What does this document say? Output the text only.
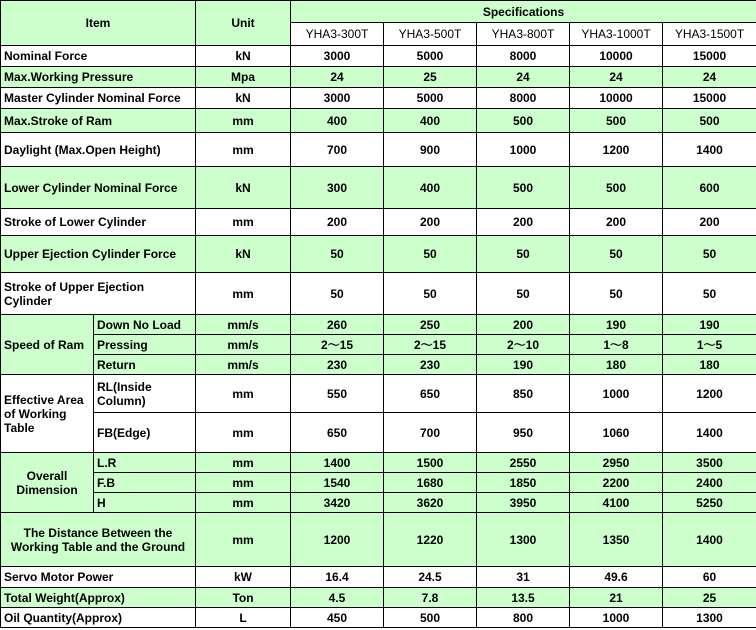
Item		Unit	Specifications				
			YHA3-300T	YHA3-500T	YHA3-800T	YHA3-1000T	YHA3-1500T
Nominal Force		kN	3000	5000	8000	10000	15000
Max.Working Pressure		Mpa	24	25	24	24	24
Master Cylinder Nominal Force		kN	3000	5000	8000	10000	15000
Max.Stroke of Ram		mm	400	400	500	500	500
Daylight (Max.Open Height)		mm	700	900	1000	1200	1400
Lower Cylinder Nominal Force		kN	300	400	500	500	600
Stroke of Lower Cylinder		mm	200	200	200	200	200
Upper Ejection Cylinder Force		kN	50	50	50	50	50
Stroke of Upper Ejection Cylinder		mm	50	50	50	50	50
Speed of Ram	Down No Load	mm/s	260	250	200	190	190
	Pressing	mm/s	2～15	2～15	2～10	1～8	1～5
	Return	mm/s	230	230	190	180	180
Effective Area of Working Table	RL(Inside Column)	mm	550	650	850	1000	1200
	FB(Edge)	mm	650	700	950	1060	1400
Overall Dimension	L.R	mm	1400	1500	2550	2950	3500
	F.B	mm	1540	1680	1850	2200	2400
	H	mm	3420	3620	3950	4100	5250
The Distance Between the Working Table and the Ground		mm	1200	1220	1300	1350	1400
Servo Motor Power		kW	16.4	24.5	31	49.6	60
Total Weight(Approx)		Ton	4.5	7.8	13.5	21	25
Oil Quantity(Approx)		L	450	500	800	1000	1300
